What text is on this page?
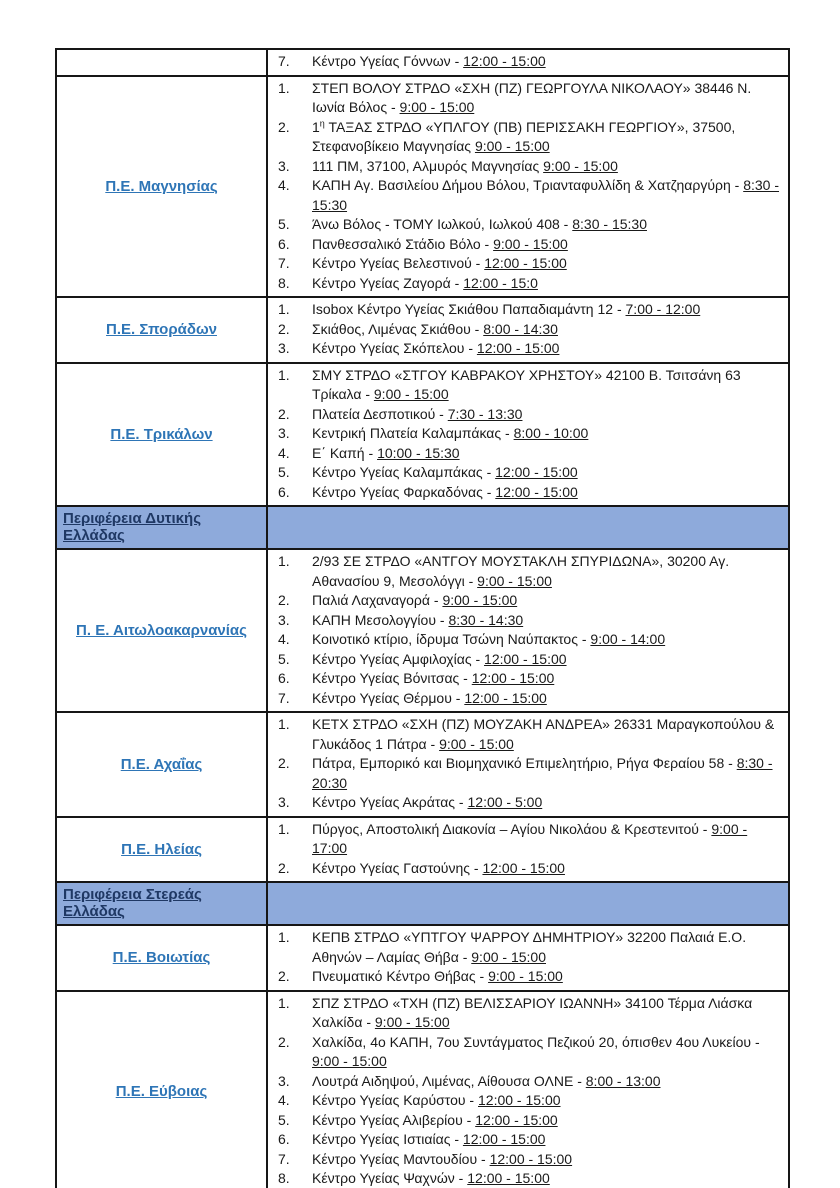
7.	Κέντρο Υγείας Γόννων - 12:00 - 15:00
Π.Ε. Μαγνησίας
1.	ΣΤΕΠ ΒΟΛΟΥ ΣΤΡΔΟ «ΣΧΗ (ΠΖ) ΓΕΩΡΓΟΥΛΑ ΝΙΚΟΛΑΟΥ» 38446 Ν. Ιωνία Βόλος - 9:00 - 15:00
2.	$1^\eta$ ΤΑΞΑΣ ΣΤΡΔΟ «ΥΠΛΓΟΥ (ΠΒ) ΠΕΡΙΣΣΑΚΗ ΓΕΩΡΓΙΟΥ», 37500, Στεφανοβίκειο Μαγνησίας 9:00 - 15:00
3.	111 ΠΜ, 37100, Αλμυρός Μαγνησίας 9:00 - 15:00
4.	ΚΑΠΗ Αγ. Βασιλείου Δήμου Βόλου, Τριανταφυλλίδη & Χατζηαργύρη - 8:30 - 15:30
5.	Άνω Βόλος - ΤΟΜΥ Ιωλκού, Ιωλκού 408 - 8:30 - 15:30
6.	Πανθεσσαλικό Στάδιο Βόλο - 9:00 - 15:00
7.	Κέντρο Υγείας Βελεστινού - 12:00 - 15:00
8.	Κέντρο Υγείας Ζαγορά - 12:00 - 15:0
Π.Ε. Σποράδων
1.	Isobox Κέντρο Υγείας Σκιάθου Παπαδιαμάντη 12 - 7:00 - 12:00
2.	Σκιάθος, Λιμένας Σκιάθου - 8:00 - 14:30
3.	Κέντρο Υγείας Σκόπελου - 12:00 - 15:00
Π.Ε. Τρικάλων
1.	ΣΜΥ ΣΤΡΔΟ «ΣΤΓΟΥ ΚΑΒΡΑΚΟΥ ΧΡΗΣΤΟΥ» 42100 Β. Τσιτσάνη 63 Τρίκαλα - 9:00 - 15:00
2.	Πλατεία Δεσποτικού - 7:30 - 13:30
3.	Κεντρική Πλατεία Καλαμπάκας - 8:00 - 10:00
4.	Ε΄ Καπή - 10:00 - 15:30
5.	Κέντρο Υγείας Καλαμπάκας - 12:00 - 15:00
6.	Κέντρο Υγείας Φαρκαδόνας - 12:00 - 15:00
Περιφέρεια Δυτικής Ελλάδας
Π. Ε. Αιτωλοακαρνανίας
1.	2/93 ΣΕ ΣΤΡΔΟ «ΑΝΤΓΟΥ ΜΟΥΣΤΑΚΛΗ ΣΠΥΡΙΔΩΝΑ», 30200 Αγ. Αθανασίου 9, Μεσολόγγι - 9:00 - 15:00
2.	Παλιά Λαχαναγορά - 9:00 - 15:00
3.	ΚΑΠΗ Μεσολογγίου - 8:30 - 14:30
4.	Κοινοτικό κτίριο, ίδρυμα Τσώνη Ναύπακτος - 9:00 - 14:00
5.	Κέντρο Υγείας Αμφιλοχίας - 12:00 - 15:00
6.	Κέντρο Υγείας Βόνιτσας - 12:00 - 15:00
7.	Κέντρο Υγείας Θέρμου - 12:00 - 15:00
Π.Ε. Αχαΐας
1.	ΚΕΤΧ ΣΤΡΔΟ «ΣΧΗ (ΠΖ) ΜΟΥΖΑΚΗ ΑΝΔΡΕΑ» 26331 Μαραγκοπούλου & Γλυκάδος 1 Πάτρα - 9:00 - 15:00
2.	Πάτρα, Εμπορικό και Βιομηχανικό Επιμελητήριο, Ρήγα Φεραίου 58 - 8:30 - 20:30
3.	Κέντρο Υγείας Ακράτας - 12:00 - 5:00
Π.Ε. Ηλείας
1.	Πύργος, Αποστολική Διακονία – Αγίου Νικολάου & Κρεστενιτού - 9:00 - 17:00
2.	Κέντρο Υγείας Γαστούνης - 12:00 - 15:00
Περιφέρεια Στερεάς Ελλάδας
Π.Ε. Βοιωτίας
1.	ΚΕΠΒ ΣΤΡΔΟ «ΥΠΤΓΟΥ ΨΑΡΡΟΥ ΔΗΜΗΤΡΙΟΥ» 32200 Παλαιά Ε.Ο. Αθηνών – Λαμίας Θήβα - 9:00 - 15:00
2.	Πνευματικό Κέντρο Θήβας - 9:00 - 15:00
Π.Ε. Εύβοιας
1.	ΣΠΖ ΣΤΡΔΟ «ΤΧΗ (ΠΖ) ΒΕΛΙΣΣΑΡΙΟΥ ΙΩΑΝΝΗ» 34100 Τέρμα Λιάσκα Χαλκίδα - 9:00 - 15:00
2.	Χαλκίδα, 4ο ΚΑΠΗ, 7ου Συντάγματος Πεζικού 20, όπισθεν 4ου Λυκείου - 9:00 - 15:00
3.	Λουτρά Αιδηψού, Λιμένας, Αίθουσα ΟΛΝΕ - 8:00 - 13:00
4.	Κέντρο Υγείας Καρύστου - 12:00 - 15:00
5.	Κέντρο Υγείας Αλιβερίου - 12:00 - 15:00
6.	Κέντρο Υγείας Ιστιαίας - 12:00 - 15:00
7.	Κέντρο Υγείας Μαντουδίου - 12:00 - 15:00
8.	Κέντρο Υγείας Ψαχνών - 12:00 - 15:00
